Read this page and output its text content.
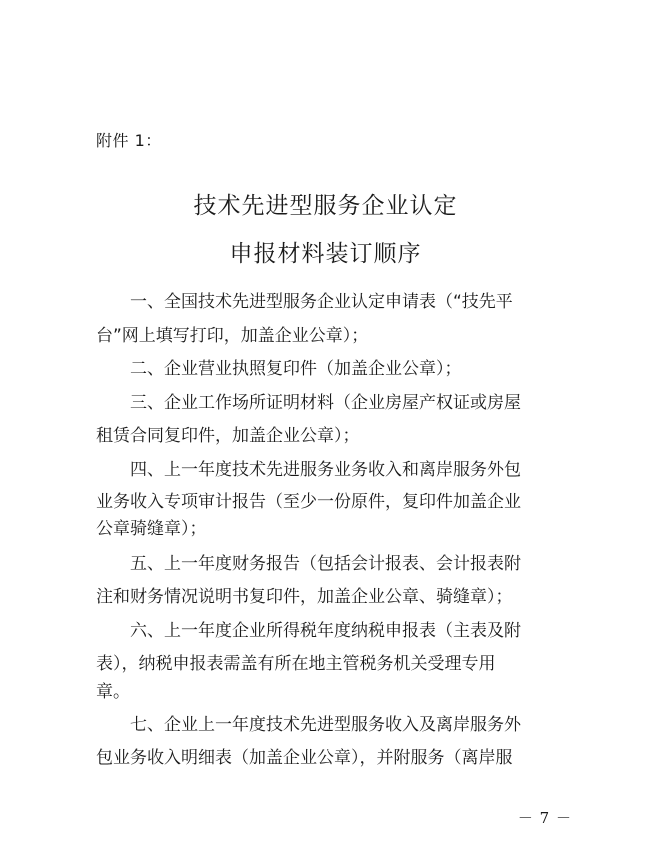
附件 1：
技术先进型服务企业认定
申报材料装订顺序
一、全国技术先进型服务企业认定申请表（“技先平
台”网上填写打印，加盖企业公章）；
二、企业营业执照复印件（加盖企业公章）；
三、企业工作场所证明材料（企业房屋产权证或房屋
租赁合同复印件，加盖企业公章）；
四、上一年度技术先进服务业务收入和离岸服务外包
业务收入专项审计报告（至少一份原件，复印件加盖企业
公章骑缝章）；
五、上一年度财务报告（包括会计报表、会计报表附
注和财务情况说明书复印件，加盖企业公章、骑缝章）；
六、上一年度企业所得税年度纳税申报表（主表及附
表），纳税申报表需盖有所在地主管税务机关受理专用
章。
七、企业上一年度技术先进型服务收入及离岸服务外
包业务收入明细表（加盖企业公章），并附服务（离岸服
－ 7 －
